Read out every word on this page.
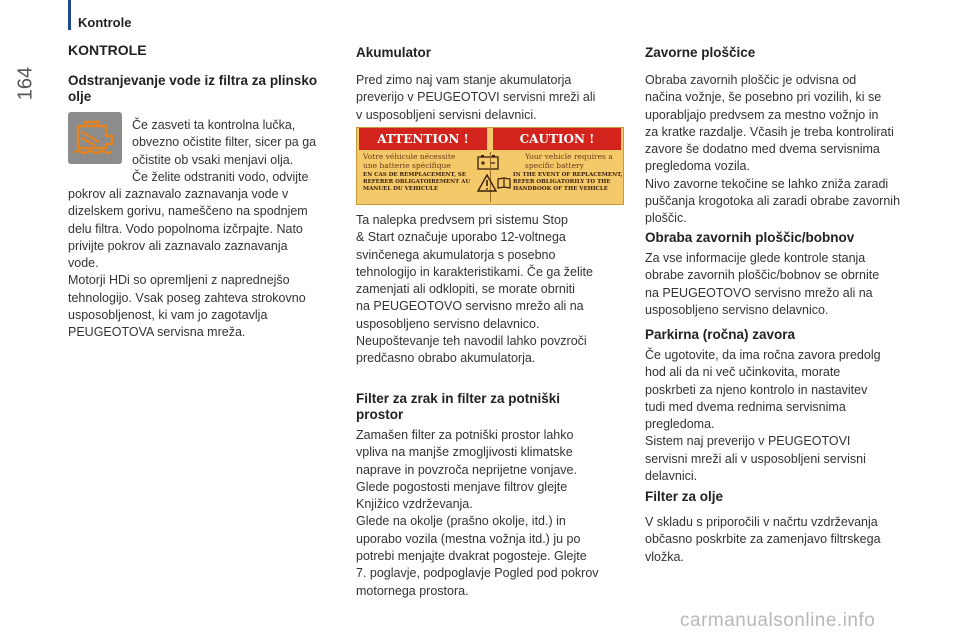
Kontrole
164
KONTROLE
Odstranjevanje vode iz filtra za plinsko olje
Če zasveti ta kontrolna lučka,
obvezno očistite filter, sicer pa ga
očistite ob vsaki menjavi olja.
Če želite odstraniti vodo, odvijte
pokrov ali zaznavalo zaznavanja vode v
dizelskem gorivu, nameščeno na spodnjem
delu filtra. Vodo popolnoma izčrpajte. Nato
privijte pokrov ali zaznavalo zaznavanja
vode.
Motorji HDi so opremljeni z naprednejšo
tehnologijo. Vsak poseg zahteva strokovno
usposobljenost, ki vam jo zagotavlja
PEUGEOTOVA servisna mreža.
Akumulator
Pred zimo naj vam stanje akumulatorja
preverijo v PEUGEOTOVI servisni mreži ali
v usposobljeni servisni delavnici.
ATTENTION !	CAUTION !
Votre véhicule nécessite une batterie spécifique
Your vehicle requires a specific battery
EN CAS DE REMPLACEMENT, SE REFERER OBLIGATOIREMENT AU MANUEL DU VEHICULE
IN THE EVENT OF REPLACEMENT, REFER OBLIGATORILY TO THE HANDBOOK OF THE VEHICLE
Ta nalepka predvsem pri sistemu Stop
& Start označuje uporabo 12-voltnega
svinčenega akumulatorja s posebno
tehnologijo in karakteristikami. Če ga želite
zamenjati ali odklopiti, se morate obrniti
na PEUGEOTOVO servisno mrežo ali na
usposobljeno servisno delavnico.
Neupoštevanje teh navodil lahko povzroči
predčasno obrabo akumulatorja.
Filter za zrak in filter za potniški
prostor
Zamašen filter za potniški prostor lahko
vpliva na manjše zmogljivosti klimatske
naprave in povzroča neprijetne vonjave.
Glede pogostosti menjave filtrov glejte
Knjižico vzdrževanja.
Glede na okolje (prašno okolje, itd.) in
uporabo vozila (mestna vožnja itd.) ju po
potrebi menjajte dvakrat pogosteje. Glejte
7. poglavje, podpoglavje Pogled pod pokrov
motornega prostora.
Zavorne ploščice
Obraba zavornih ploščic je odvisna od
načina vožnje, še posebno pri vozilih, ki se
uporabljajo predvsem za mestno vožnjo in
za kratke razdalje. Včasih je treba kontrolirati
zavore še dodatno med dvema servisnima
pregledoma vozila.
Nivo zavorne tekočine se lahko zniža zaradi
puščanja krogotoka ali zaradi obrabe zavornih
ploščic.
Obraba zavornih ploščic/bobnov
Za vse informacije glede kontrole stanja
obrabe zavornih ploščic/bobnov se obrnite
na PEUGEOTOVO servisno mrežo ali na
usposobljeno servisno delavnico.
Parkirna (ročna) zavora
Če ugotovite, da ima ročna zavora predolg
hod ali da ni več učinkovita, morate
poskrbeti za njeno kontrolo in nastavitev
tudi med dvema rednima servisnima
pregledoma.
Sistem naj preverijo v PEUGEOTOVI
servisni mreži ali v usposobljeni servisni
delavnici.
Filter za olje
V skladu s priporočili v načrtu vzdrževanja
občasno poskrbite za zamenjavo filtrskega
vložka.
carmanualsonline.info
